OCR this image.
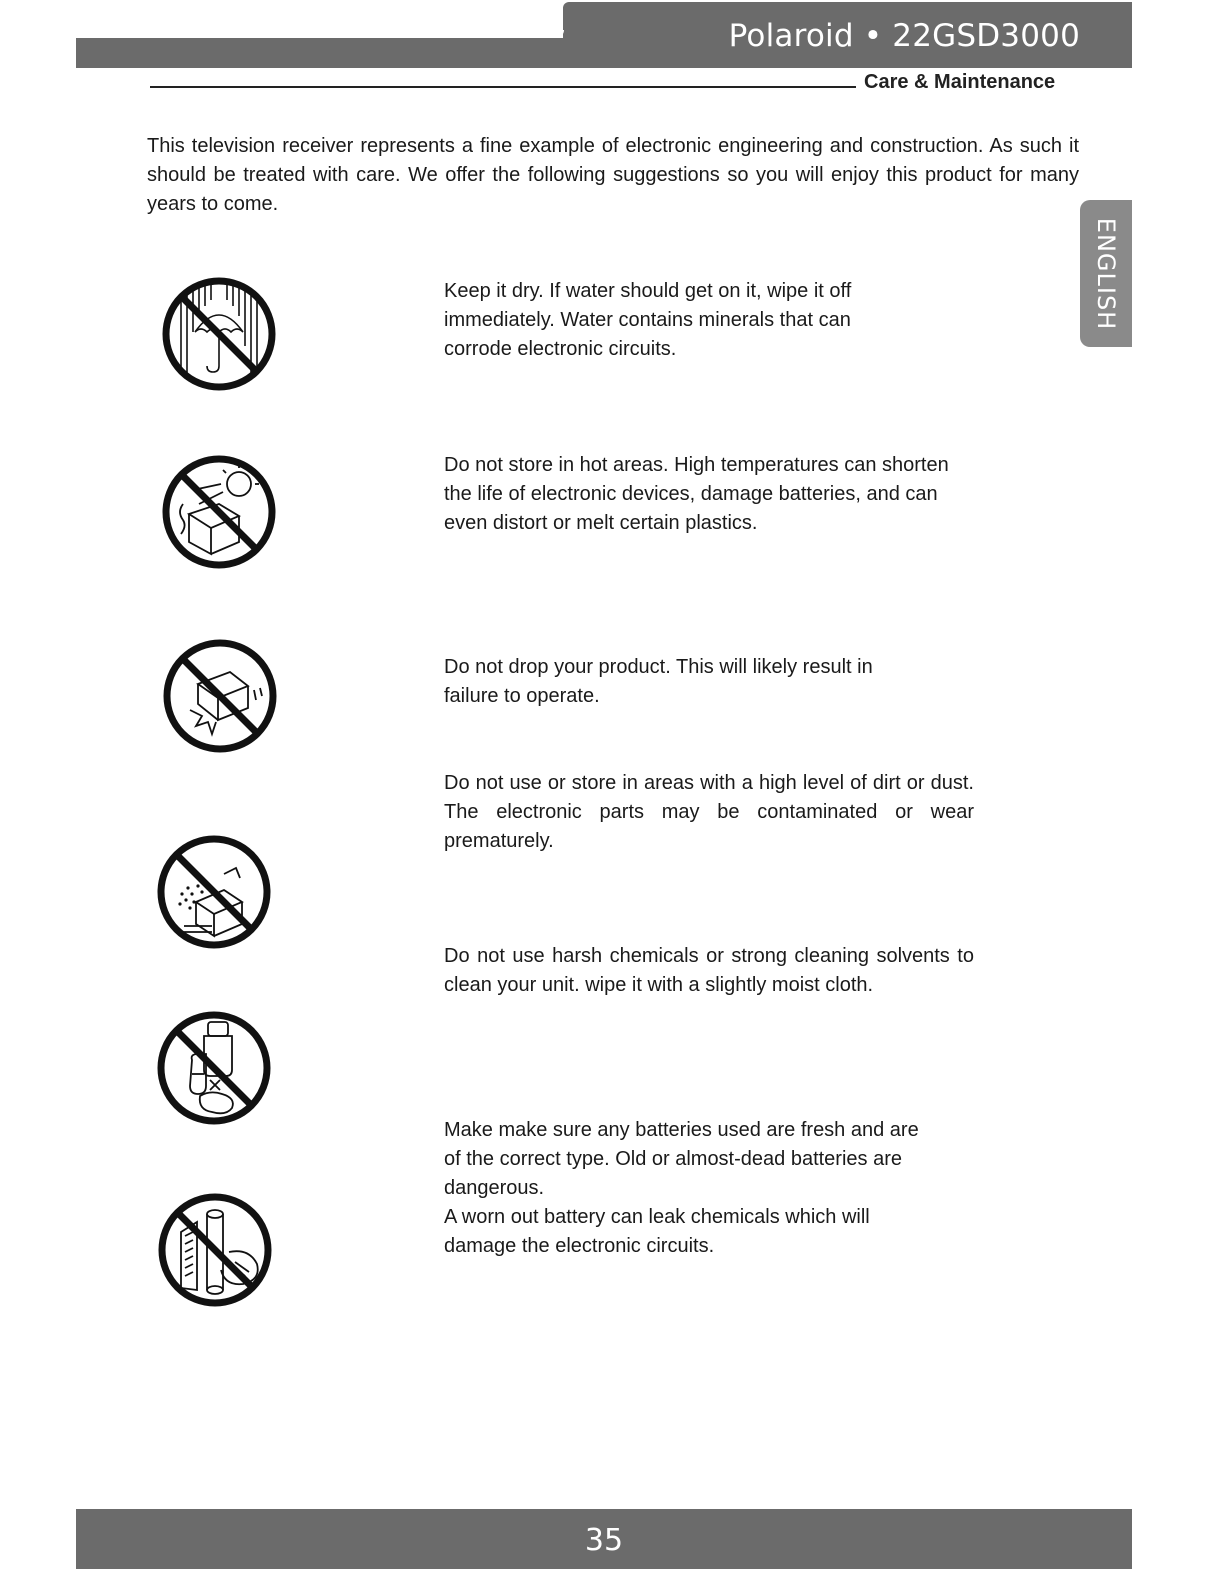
Polaroid • 22GSD3000
Care & Maintenance
ENGLISH
This television receiver represents a fine example of electronic engineering and construction. As such it should be treated with care. We offer the following suggestions so you will enjoy this product for many years to come.

Keep it dry. If water should get on it, wipe it off immediately. Water contains minerals that can corrode electronic circuits.

Do not store in hot areas. High temperatures can shorten the life of electronic devices, damage batteries, and can even distort or melt certain plastics.

Do not drop your product. This will likely result in failure to operate.

Do not use or store in areas with a high level of dirt or dust. The electronic parts may be contaminated or wear prematurely.

Do not use harsh chemicals or strong cleaning solvents to clean your unit. wipe it with a slightly moist cloth.

Make make sure any batteries used are fresh and are of the correct type. Old or almost-dead batteries are dangerous.

A worn out battery can leak chemicals which will damage the electronic circuits.

35
